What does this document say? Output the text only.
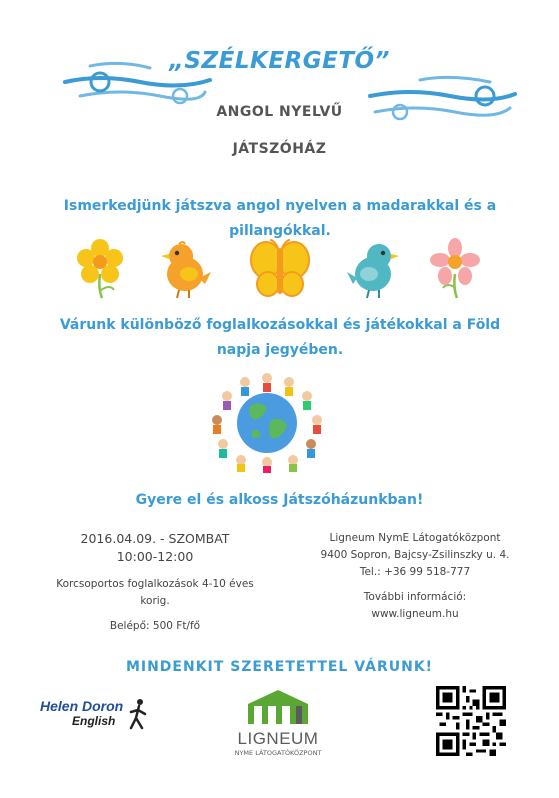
„SZÉLKERGETŐ”
ANGOL NYELVŰ
JÁTSZÓHÁZ
Ismerkedjünk játszva angol nyelven a madarakkal és a pillangókkal.
Várunk különböző foglalkozásokkal és játékokkal a Föld napja jegyében.
Gyere el és alkoss Játszóházunkban!
2016.04.09. - SZOMBAT
10:00-12:00
Korcsoportos foglalkozások 4-10 éves korig.
Belépő: 500 Ft/fő
Ligneum NymE Látogatóközpont
9400 Sopron, Bajcsy-Zsilinszky u. 4.
Tel.: +36 99 518-777
További információ:
www.ligneum.hu
MINDENKIT SZERETETTEL VÁRUNK!
Helen Doron
English
LIGNEUM
NYME LÁTOGATÓKÖZPONT
